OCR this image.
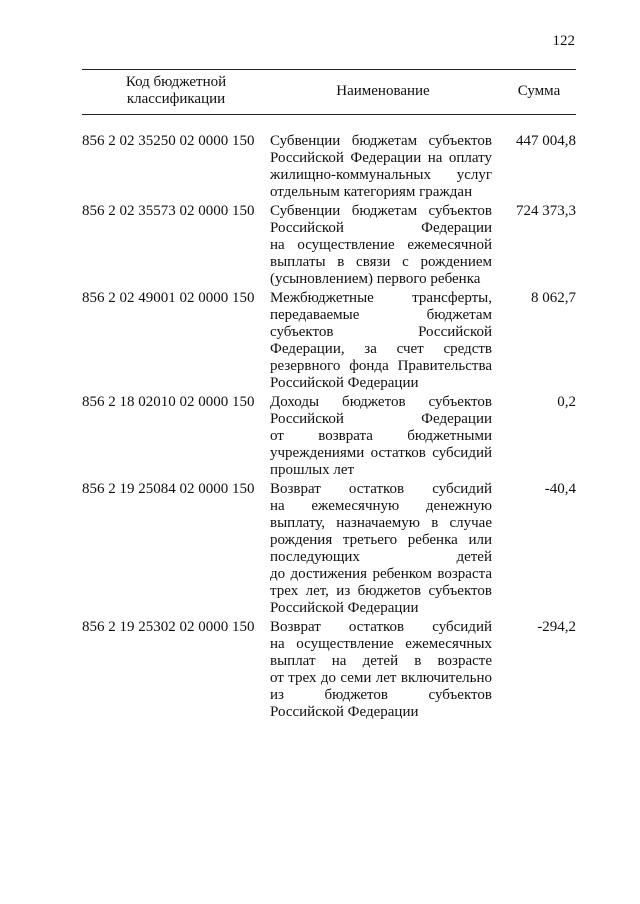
122
Код бюджетной классификации	Наименование	Сумма
856 2 02 35250 02 0000 150	Субвенции бюджетам субъектов
Российской Федерации на оплату
жилищно-коммунальных услуг
отдельным категориям граждан
447 004,8
856 2 02 35573 02 0000 150	Субвенции бюджетам субъектов
Российской Федерации
на осуществление ежемесячной
выплаты в связи с рождением
(усыновлением) первого ребенка
724 373,3
856 2 02 49001 02 0000 150	Межбюджетные трансферты,
передаваемые бюджетам
субъектов Российской
Федерации, за счет средств
резервного фонда Правительства
Российской Федерации
8 062,7
856 2 18 02010 02 0000 150	Доходы бюджетов субъектов
Российской Федерации
от возврата бюджетными
учреждениями остатков субсидий
прошлых лет
0,2
856 2 19 25084 02 0000 150	Возврат остатков субсидий
на ежемесячную денежную
выплату, назначаемую в случае
рождения третьего ребенка или
последующих детей
до достижения ребенком возраста
трех лет, из бюджетов субъектов
Российской Федерации
-40,4
856 2 19 25302 02 0000 150	Возврат остатков субсидий
на осуществление ежемесячных
выплат на детей в возрасте
от трех до семи лет включительно
из бюджетов субъектов
Российской Федерации
-294,2
